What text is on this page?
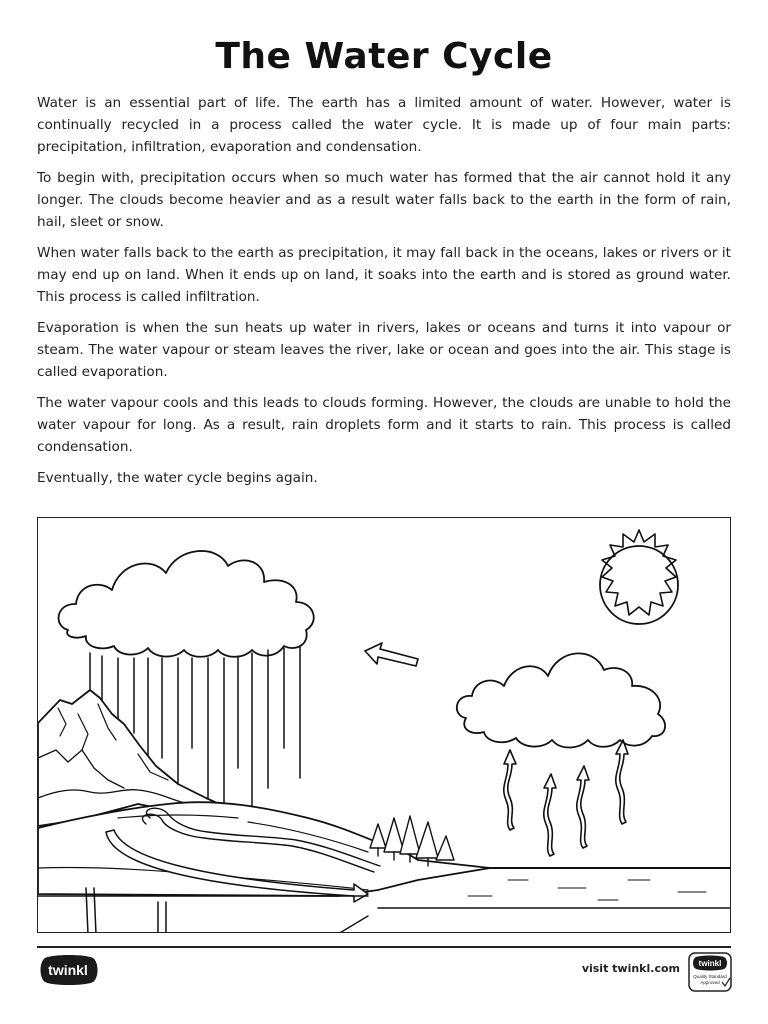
The Water Cycle

Water is an essential part of life. The earth has a limited amount of water. However, water is continually recycled in a process called the water cycle. It is made up of four main parts: precipitation, infiltration, evaporation and condensation.

To begin with, precipitation occurs when so much water has formed that the air cannot hold it any longer. The clouds become heavier and as a result water falls back to the earth in the form of rain, hail, sleet or snow.

When water falls back to the earth as precipitation, it may fall back in the oceans, lakes or rivers or it may end up on land. When it ends up on land, it soaks into the earth and is stored as ground water. This process is called infiltration.

Evaporation is when the sun heats up water in rivers, lakes or oceans and turns it into vapour or steam. The water vapour or steam leaves the river, lake or ocean and goes into the air. This stage is called evaporation.

The water vapour cools and this leads to clouds forming. However, the clouds are unable to hold the water vapour for long. As a result, rain droplets form and it starts to rain. This process is called condensation.

Eventually, the water cycle begins again.

twinkl	visit twinkl.com twinkl
Quality Standard
Approved
